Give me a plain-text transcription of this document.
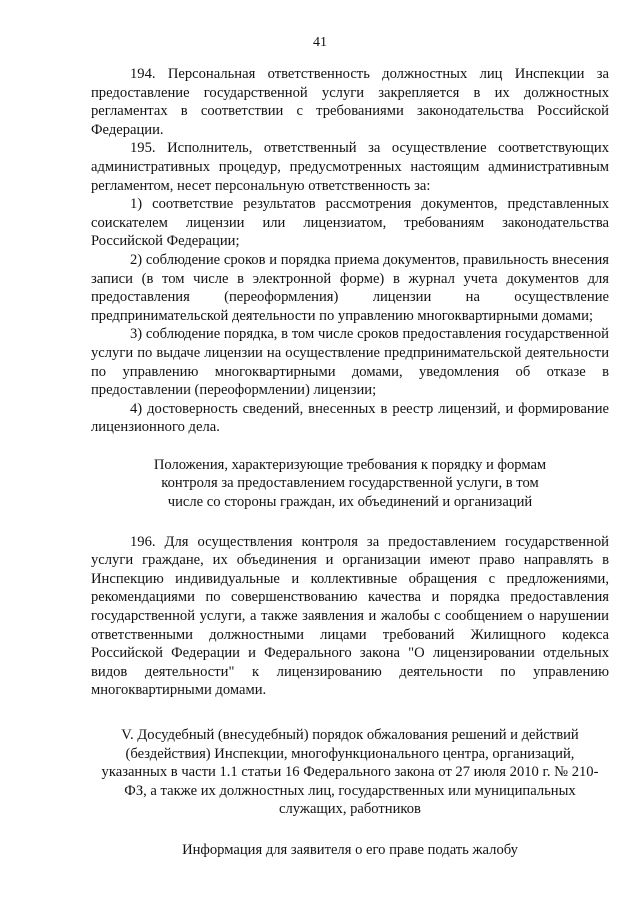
41

194. Персональная ответственность должностных лиц Инспекции за предоставление государственной услуги закрепляется в их должностных регламентах в соответствии с требованиями законодательства Российской Федерации.

195. Исполнитель, ответственный за осуществление соответствующих административных процедур, предусмотренных настоящим административным регламентом, несет персональную ответственность за:

1) соответствие результатов рассмотрения документов, представленных соискателем лицензии или лицензиатом, требованиям законодательства Российской Федерации;

2) соблюдение сроков и порядка приема документов, правильность внесения записи (в том числе в электронной форме) в журнал учета документов для предоставления (переоформления) лицензии на осуществление предпринимательской деятельности по управлению многоквартирными домами;

3) соблюдение порядка, в том числе сроков предоставления государственной услуги по выдаче лицензии на осуществление предпринимательской деятельности по управлению многоквартирными домами, уведомления об отказе в предоставлении (переоформлении) лицензии;

4) достоверность сведений, внесенных в реестр лицензий, и формирование лицензионного дела.

Положения, характеризующие требования к порядку и формам
контроля за предоставлением государственной услуги, в том
числе со стороны граждан, их объединений и организаций

196. Для осуществления контроля за предоставлением государственной услуги граждане, их объединения и организации имеют право направлять в Инспекцию индивидуальные и коллективные обращения с предложениями, рекомендациями по совершенствованию качества и порядка предоставления государственной услуги, а также заявления и жалобы с сообщением о нарушении ответственными должностными лицами требований Жилищного кодекса Российской Федерации и Федерального закона "О лицензировании отдельных видов деятельности" к лицензированию деятельности по управлению многоквартирными домами.

V. Досудебный (внесудебный) порядок обжалования решений и действий
(бездействия) Инспекции, многофункционального центра, организаций,
указанных в части 1.1 статьи 16 Федерального закона от 27 июля 2010 г. № 210-
ФЗ, а также их должностных лиц, государственных или муниципальных
служащих, работников
Информация для заявителя о его праве подать жалобу
